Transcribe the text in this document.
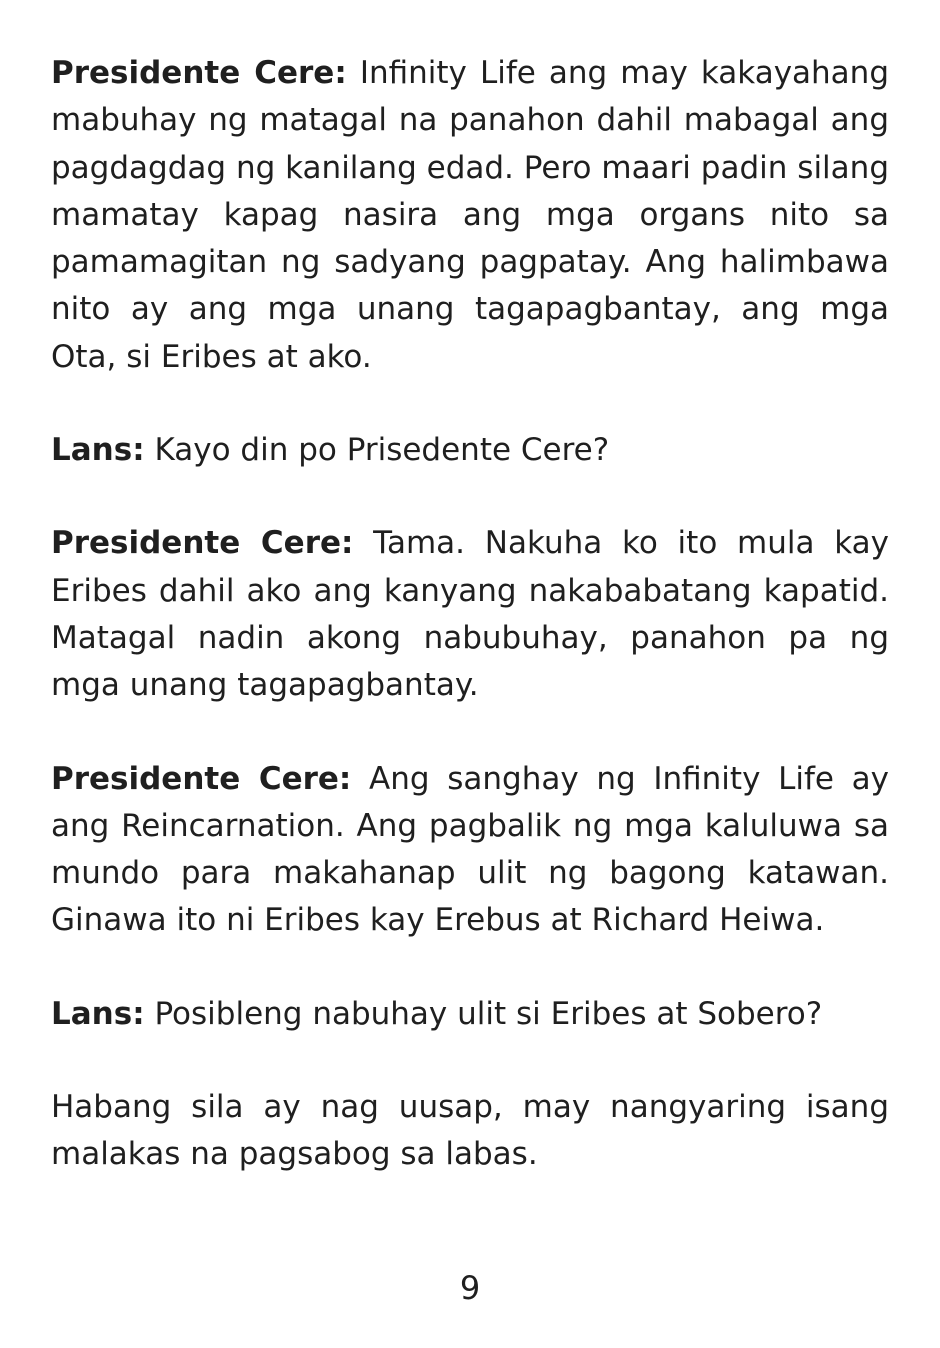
Presidente Cere: Infinity Life ang may kakayahang mabuhay ng matagal na panahon dahil mabagal ang pagdagdag ng kanilang edad. Pero maari padin silang mamatay kapag nasira ang mga organs nito sa pamamagitan ng sadyang pagpatay. Ang halimbawa nito ay ang mga unang tagapagbantay, ang mga Ota, si Eribes at ako.

Lans: Kayo din po Prisedente Cere?

Presidente Cere: Tama. Nakuha ko ito mula kay Eribes dahil ako ang kanyang nakababatang kapatid. Matagal nadin akong nabubuhay, panahon pa ng mga unang tagapagbantay.

Presidente Cere: Ang sanghay ng Infinity Life ay ang Reincarnation. Ang pagbalik ng mga kaluluwa sa mundo para makahanap ulit ng bagong katawan. Ginawa ito ni Eribes kay Erebus at Richard Heiwa.

Lans: Posibleng nabuhay ulit si Eribes at Sobero?

Habang sila ay nag uusap, may nangyaring isang malakas na pagsabog sa labas.

9
